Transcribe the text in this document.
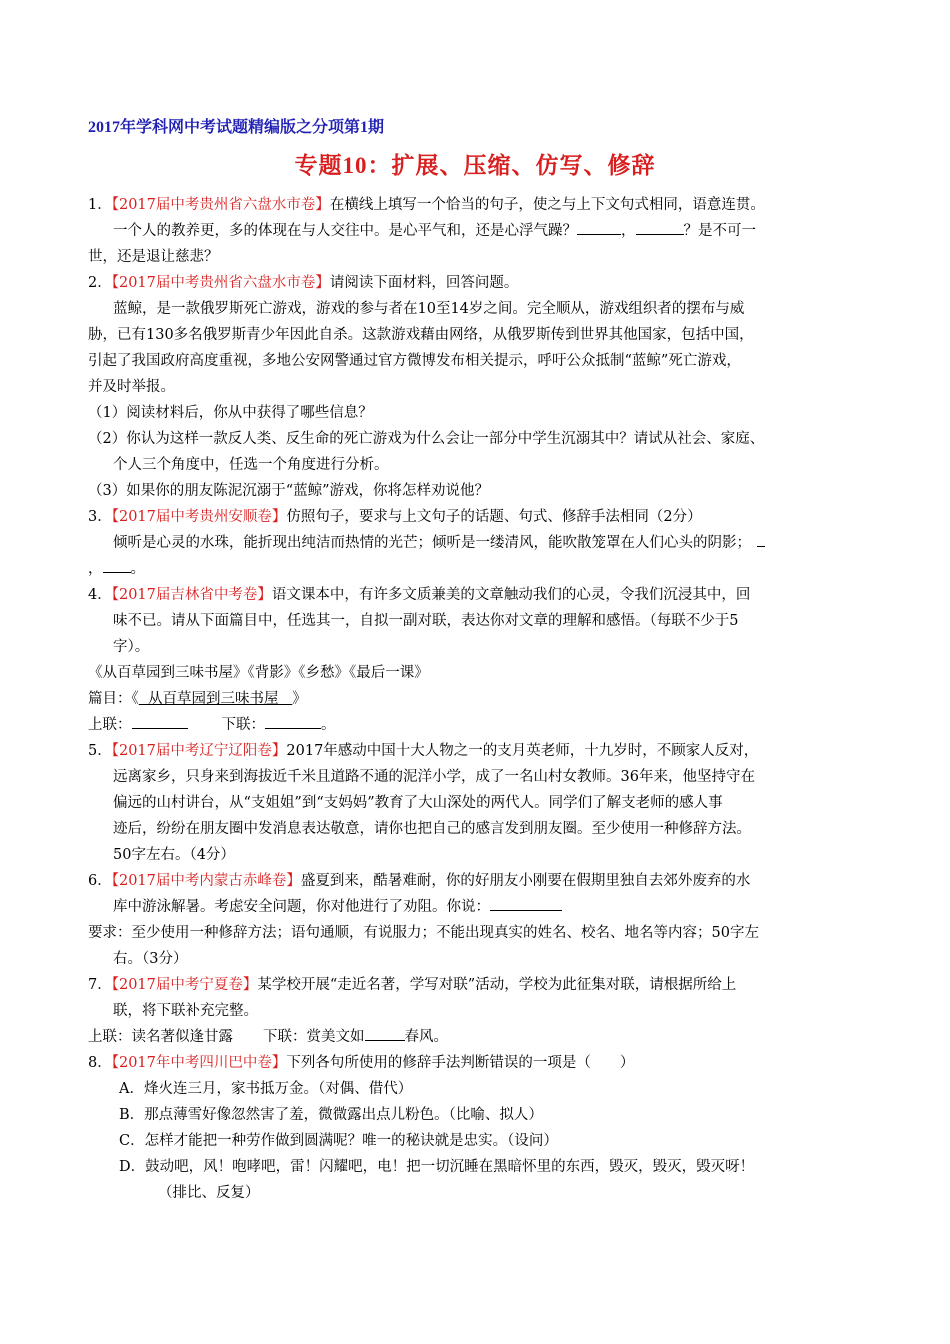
2017年学科网中考试题精编版之分项第1期
专题10：扩展、压缩、仿写、修辞
1．【2017届中考贵州省六盘水市卷】在横线上填写一个恰当的句子，使之与上下文句式相同，语意连贯。
一个人的教养更，多的体现在与人交往中。是心平气和，还是心浮气躁？	，	？是不可一
世，还是退让慈悲？
2．【2017届中考贵州省六盘水市卷】请阅读下面材料，回答问题。
蓝鲸，是一款俄罗斯死亡游戏，游戏的参与者在10至14岁之间。完全顺从，游戏组织者的摆布与威
胁，已有130多名俄罗斯青少年因此自杀。这款游戏藉由网络，从俄罗斯传到世界其他国家，包括中国，
引起了我国政府高度重视，多地公安网警通过官方微博发布相关提示，呼吁公众抵制“蓝鲸”死亡游戏，
并及时举报。
（1）阅读材料后，你从中获得了哪些信息？
（2）你认为这样一款反人类、反生命的死亡游戏为什么会让一部分中学生沉溺其中？请试从社会、家庭、
个人三个角度中，任选一个角度进行分析。
（3）如果你的朋友陈泥沉溺于“蓝鲸”游戏，你将怎样劝说他？
3．【2017届中考贵州安顺卷】仿照句子，要求与上文句子的话题、句式、修辞手法相同（2分）
倾听是心灵的水珠，能折现出纯洁而热情的光芒；倾听是一缕清风，能吹散笼罩在人们心头的阴影；
， 。
4．【2017届吉林省中考卷】语文课本中，有许多文质兼美的文章触动我们的心灵，令我们沉浸其中，回
味不已。请从下面篇目中，任选其一，自拟一副对联，表达你对文章的理解和感悟。（每联不少于5
字）。
《从百草园到三味书屋》《背影》《乡愁》《最后一课》
篇目：《 从百草园到三味书屋 》
上联：	下联：	。
5．【2017届中考辽宁辽阳卷】2017年感动中国十大人物之一的支月英老师，十九岁时，不顾家人反对，
远离家乡，只身来到海拔近千米且道路不通的泥洋小学，成了一名山村女教师。36年来，他坚持守在
偏远的山村讲台，从“支姐姐”到“支妈妈”教育了大山深处的两代人。同学们了解支老师的感人事
迹后，纷纷在朋友圈中发消息表达敬意，请你也把自己的感言发到朋友圈。至少使用一种修辞方法。
50字左右。（4分）
6．【2017届中考内蒙古赤峰卷】盛夏到来，酷暑难耐，你的好朋友小刚要在假期里独自去郊外废弃的水
库中游泳解暑。考虑安全问题，你对他进行了劝阻。你说：
要求：至少使用一种修辞方法；语句通顺，有说服力；不能出现真实的姓名、校名、地名等内容；50字左
右。（3分）
7．【2017届中考宁夏卷】某学校开展“走近名著，学写对联”活动，学校为此征集对联，请根据所给上
联，将下联补充完整。
上联：读名著似逢甘露 下联：赏美文如	春风。
8．【2017年中考四川巴中卷】下列各句所使用的修辞手法判断错误的一项是（　　）
A．烽火连三月，家书抵万金。（对偶、借代）
B．那点薄雪好像忽然害了羞，微微露出点儿粉色。（比喻、拟人）
C．怎样才能把一种劳作做到圆满呢？唯一的秘诀就是忠实。（设问）
D．鼓动吧，风！咆哮吧，雷！闪耀吧，电！把一切沉睡在黑暗怀里的东西，毁灭，毁灭，毁灭呀！
（排比、反复）
